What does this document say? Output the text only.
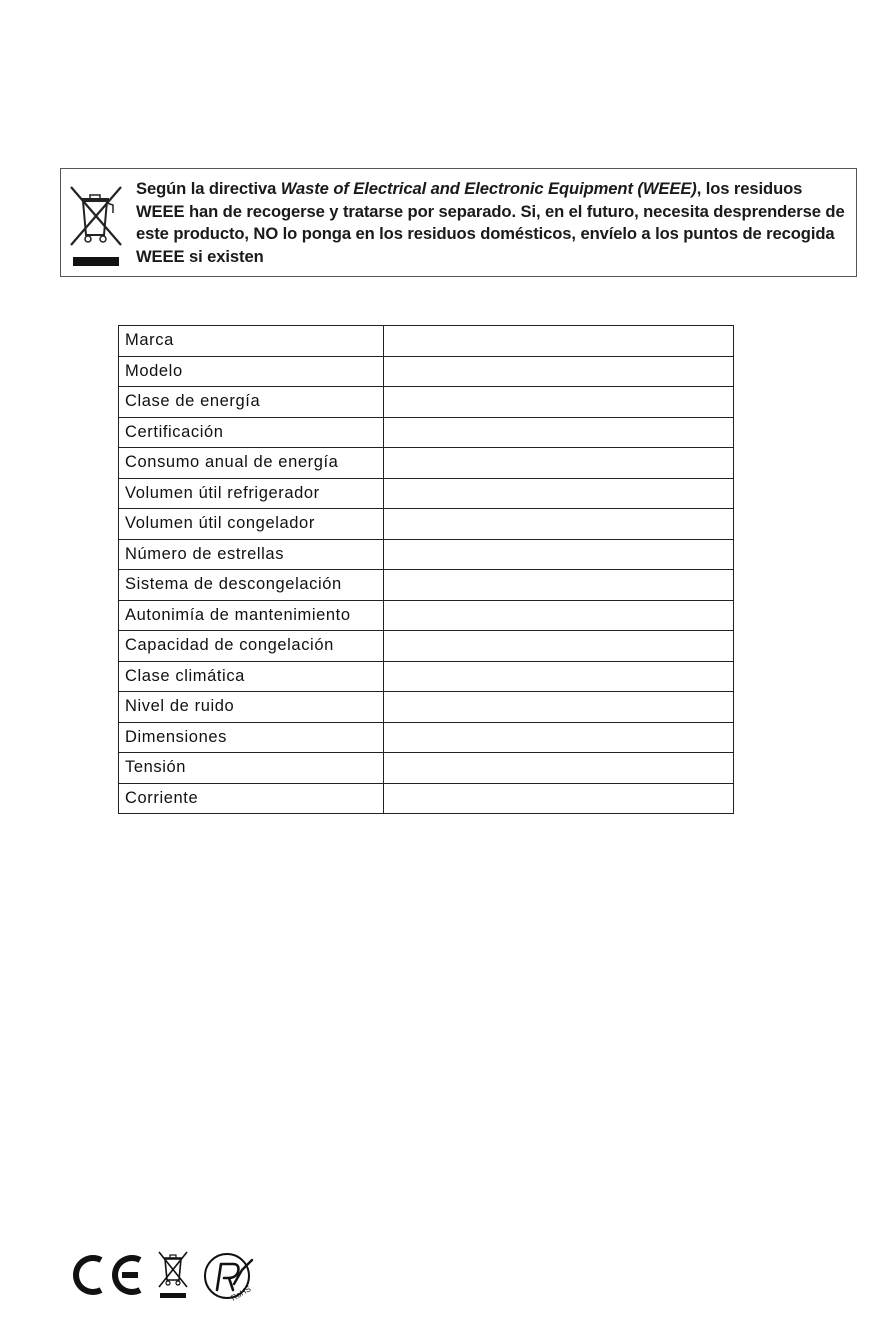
Según la directiva Waste of Electrical and Electronic Equipment (WEEE), los residuos WEEE han de recogerse y tratarse por separado. Si, en el futuro, necesita desprenderse de este producto, NO lo ponga en los residuos domésticos, envíelo a los puntos de recogida WEEE si existen
Marca	
Modelo	
Clase de energía	
Certificación	
Consumo anual de energía	
Volumen útil refrigerador	
Volumen útil congelador	
Número de estrellas	
Sistema de descongelación	
Autonimía de mantenimiento	
Capacidad de congelación	
Clase climática	
Nivel de ruido	
Dimensiones	
Tensión	
Corriente	
RoHS
